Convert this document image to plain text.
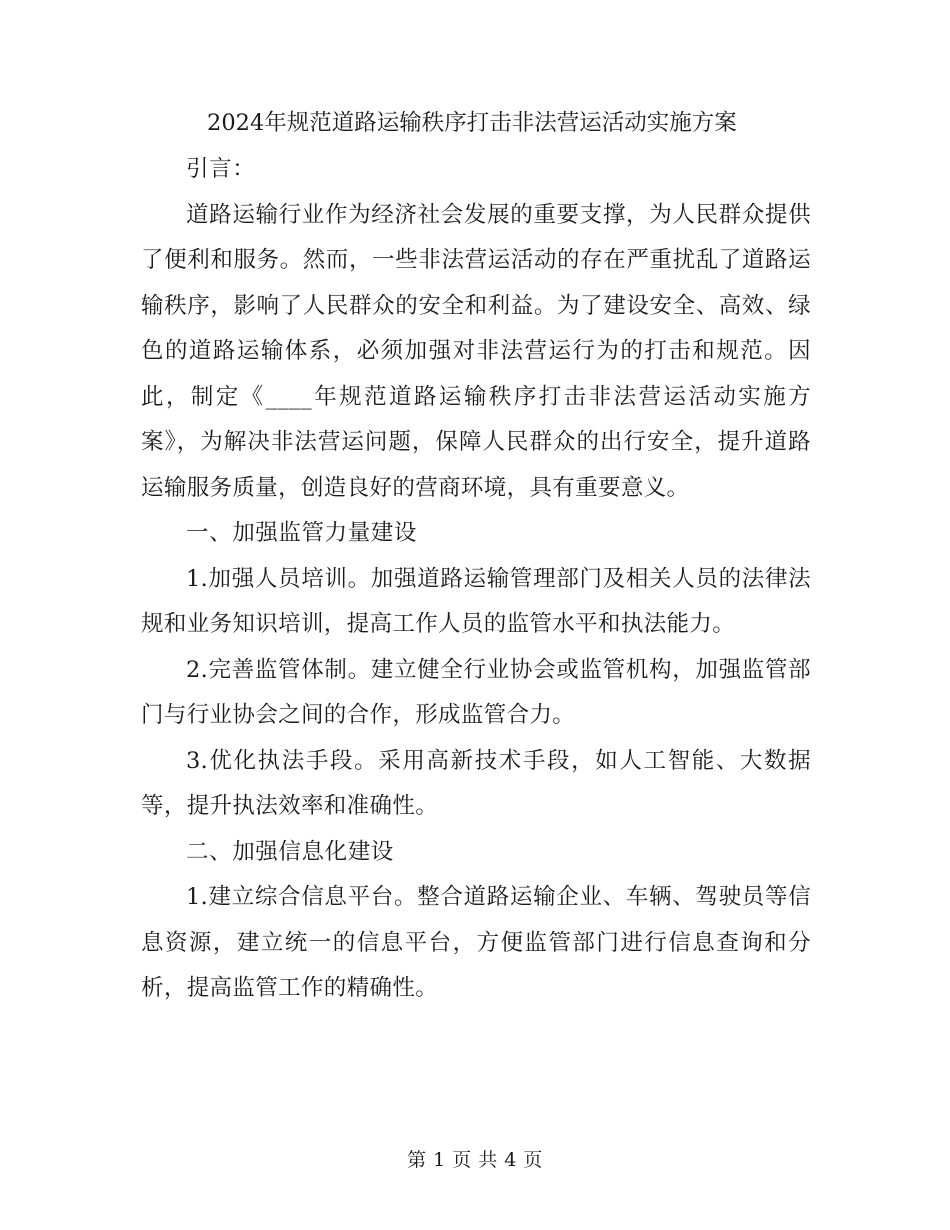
2024年规范道路运输秩序打击非法营运活动实施方案

引言：

道路运输行业作为经济社会发展的重要支撑，为人民群众提供了便利和服务。然而，一些非法营运活动的存在严重扰乱了道路运输秩序，影响了人民群众的安全和利益。为了建设安全、高效、绿色的道路运输体系，必须加强对非法营运行为的打击和规范。因此，制定《____年规范道路运输秩序打击非法营运活动实施方案》，为解决非法营运问题，保障人民群众的出行安全，提升道路运输服务质量，创造良好的营商环境，具有重要意义。

一、加强监管力量建设

1.加强人员培训。加强道路运输管理部门及相关人员的法律法规和业务知识培训，提高工作人员的监管水平和执法能力。

2.完善监管体制。建立健全行业协会或监管机构，加强监管部门与行业协会之间的合作，形成监管合力。

3.优化执法手段。采用高新技术手段，如人工智能、大数据等，提升执法效率和准确性。

二、加强信息化建设

1.建立综合信息平台。整合道路运输企业、车辆、驾驶员等信息资源，建立统一的信息平台，方便监管部门进行信息查询和分析，提高监管工作的精确性。

第 1 页 共 4 页
